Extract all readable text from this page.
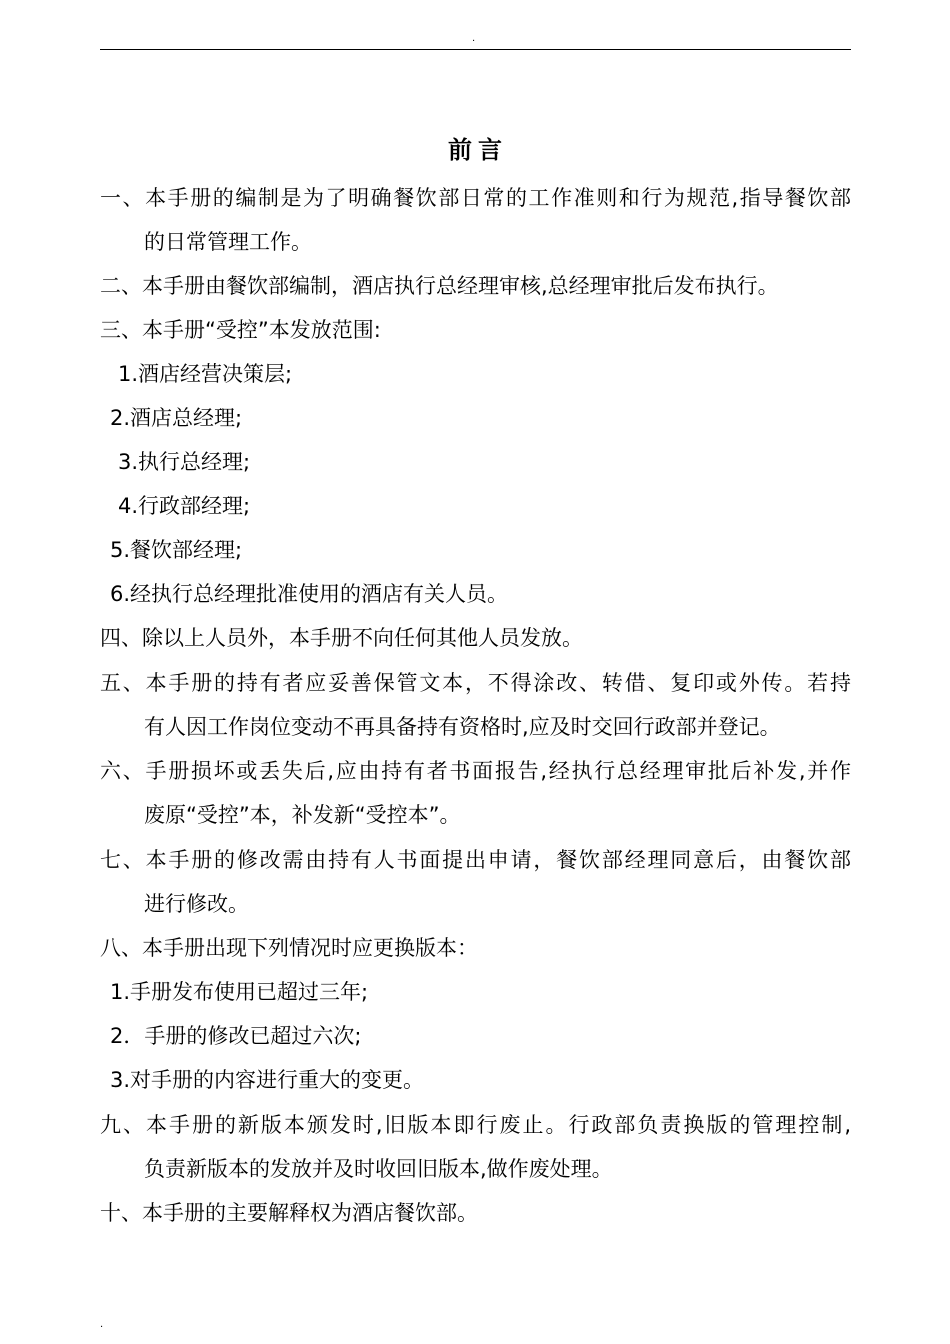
.
前言
一、本手册的编制是为了明确餐饮部日常的工作准则和行为规范,指导餐饮部
的日常管理工作。
二、本手册由餐饮部编制，酒店执行总经理审核,总经理审批后发布执行。
三、本手册“受控”本发放范围:
1.酒店经营决策层;
2.酒店总经理;
3.执行总经理;
4.行政部经理;
5.餐饮部经理;
6.经执行总经理批准使用的酒店有关人员。
四、除以上人员外，本手册不向任何其他人员发放。
五、本手册的持有者应妥善保管文本，不得涂改、转借、复印或外传。若持
有人因工作岗位变动不再具备持有资格时,应及时交回行政部并登记。
六、手册损坏或丢失后,应由持有者书面报告,经执行总经理审批后补发,并作
废原“受控”本，补发新“受控本”。
七、本手册的修改需由持有人书面提出申请，餐饮部经理同意后，由餐饮部
进行修改。
八、本手册出现下列情况时应更换版本：
1.手册发布使用已超过三年;
2．手册的修改已超过六次;
3.对手册的内容进行重大的变更。
九、本手册的新版本颁发时,旧版本即行废止。行政部负责换版的管理控制,
负责新版本的发放并及时收回旧版本,做作废处理。
十、本手册的主要解释权为酒店餐饮部。
.
